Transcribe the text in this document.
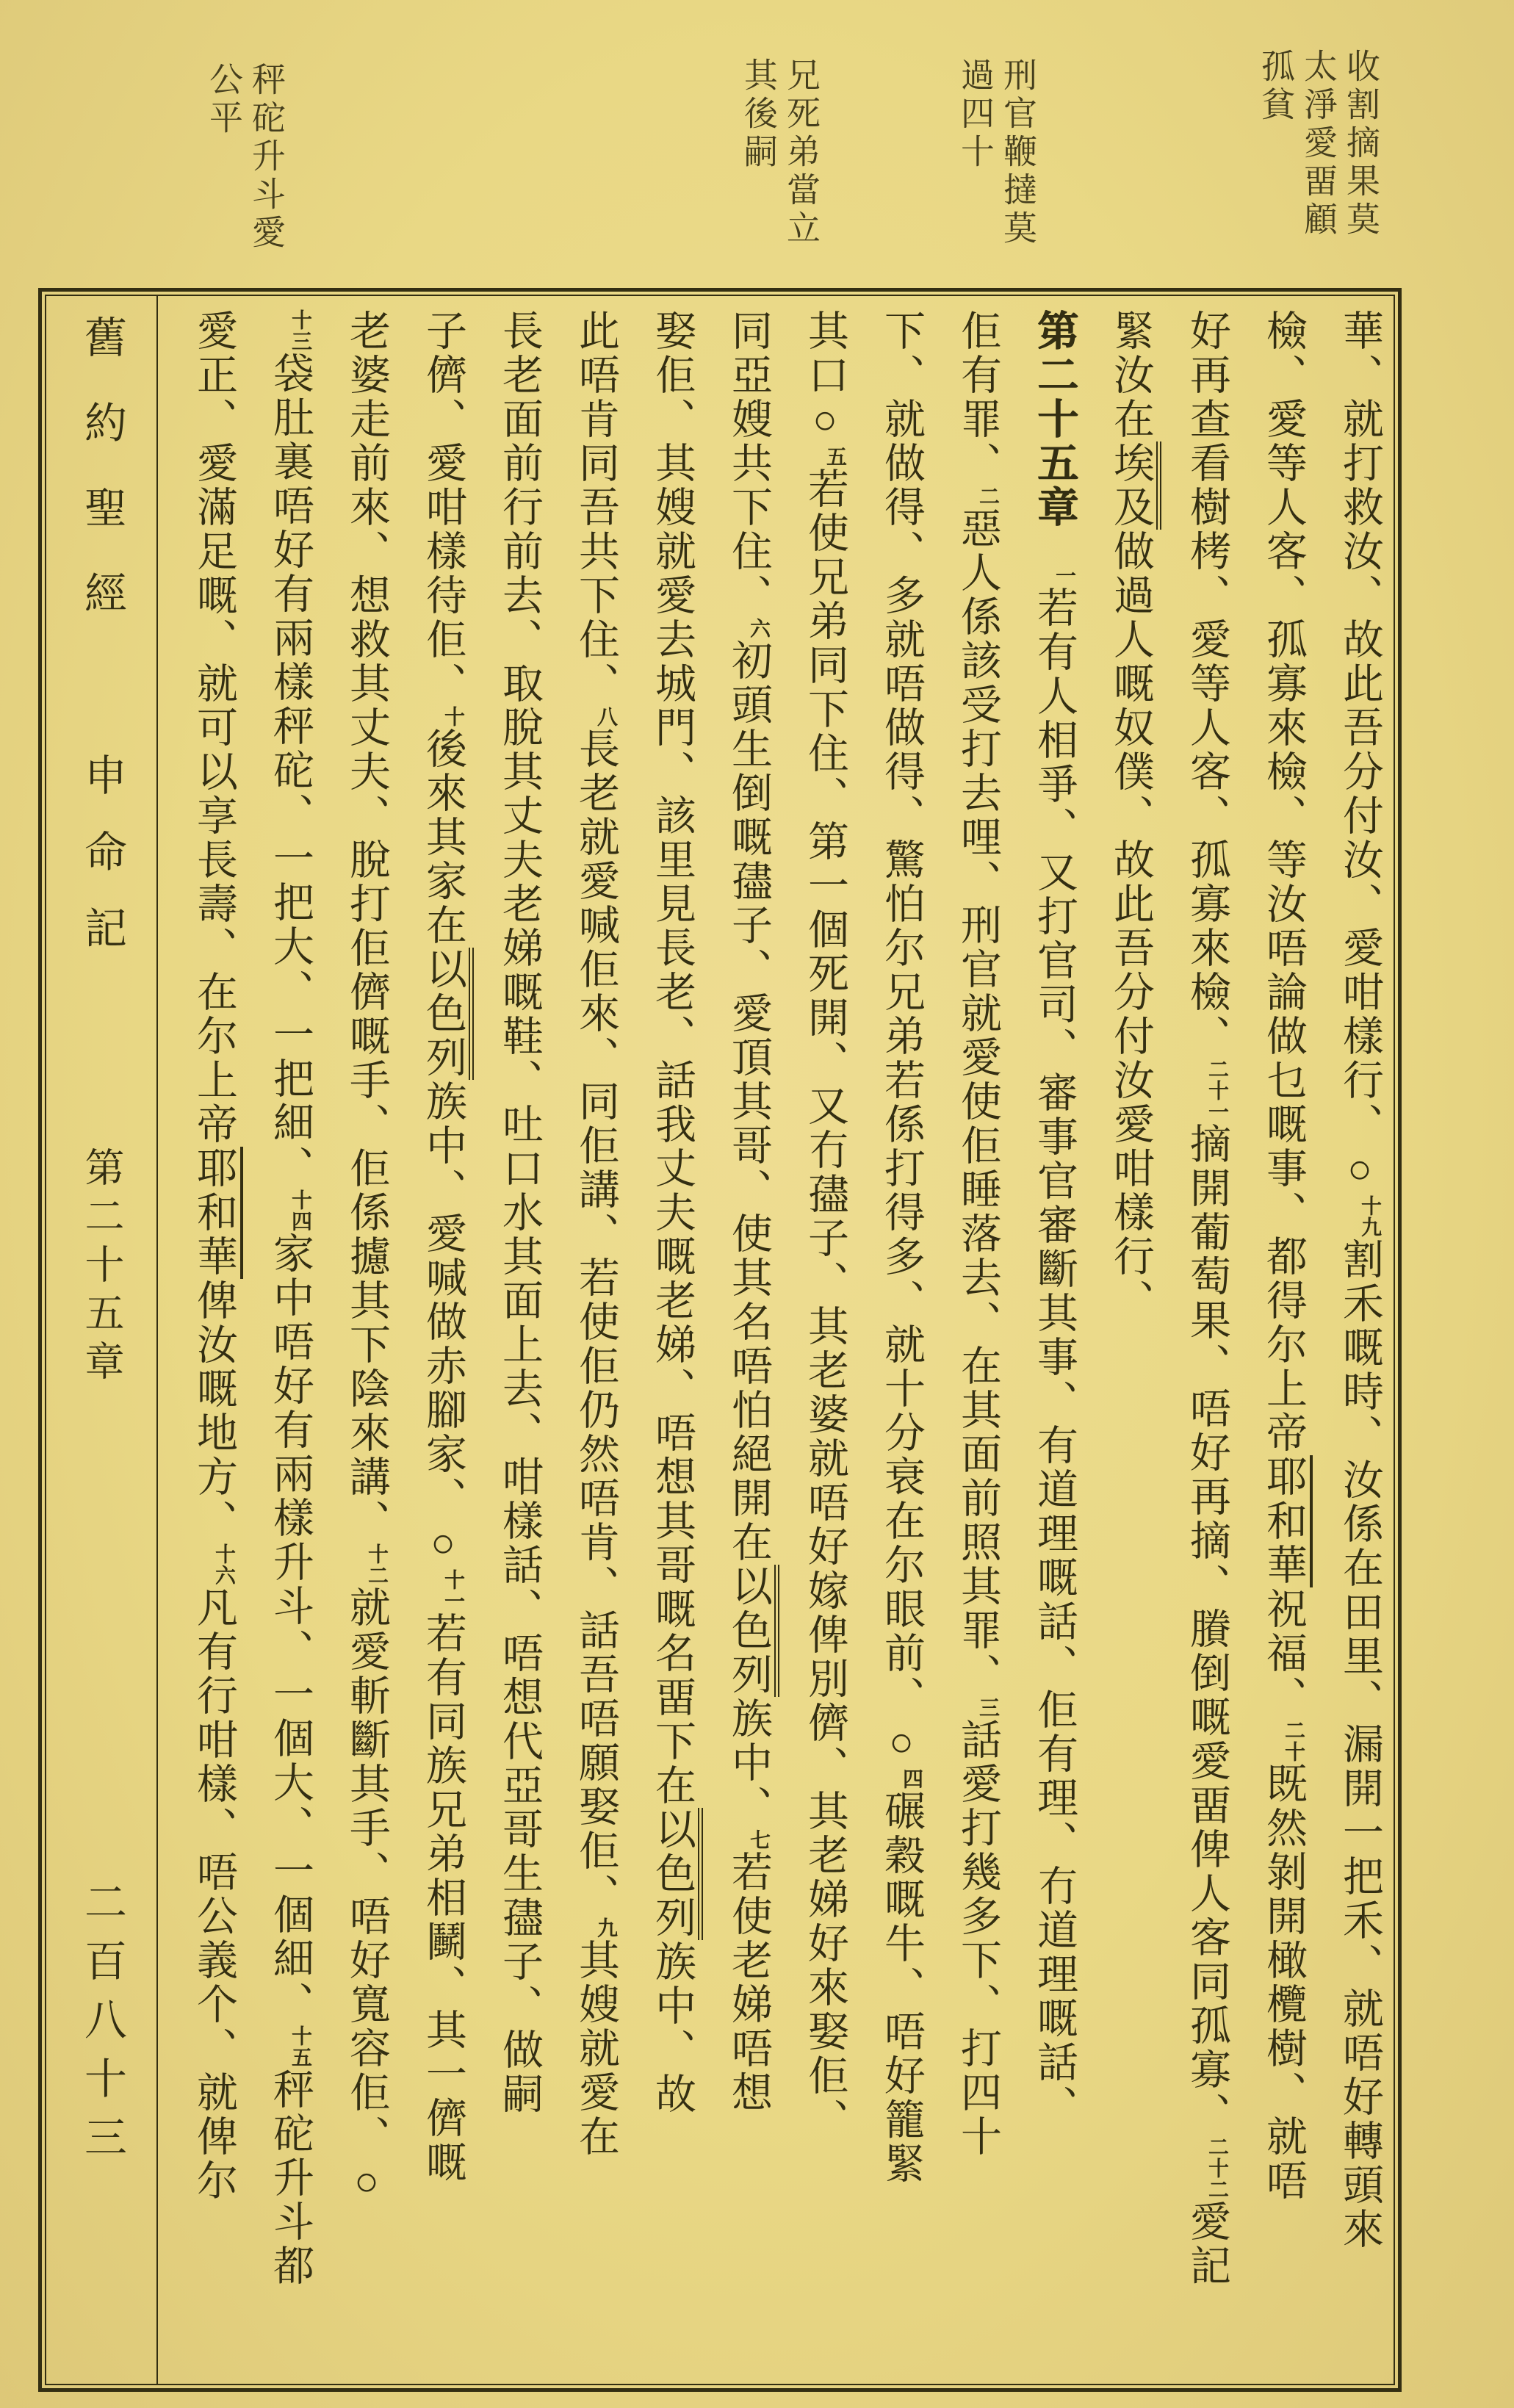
收割摘果莫
太淨愛畱顧
孤貧
刑官鞭撻莫
過四十
兄死弟當立
其後嗣
秤砣升斗愛
公平
舊約聖經
申命記
第二十五章
二百八十三
華、就打救汝、故此吾分付汝、愛咁樣行、○十九割禾嘅時、汝係在田里、漏開一把禾、就唔好轉頭來
檢、愛等人客、孤寡來檢、等汝唔論做乜嘅事、都得尔上帝耶和華祝福、二十既然剝開橄欖樹、就唔
好再查看樹栲、愛等人客、孤寡來檢、二十一摘開葡萄果、唔好再摘、賸倒嘅愛畱俾人客同孤寡、二十二愛記
緊汝在埃及做過人嘅奴僕、故此吾分付汝愛咁樣行、
第二十五章一若有人相爭、又打官司、審事官審斷其事、有道理嘅話、佢有理、冇道理嘅話、
佢有罪、二惡人係該受打去哩、刑官就愛使佢睡落去、在其面前照其罪、三話愛打幾多下、打四十
下、就做得、多就唔做得、驚怕尔兄弟若係打得多、就十分衰在尔眼前、○四碾穀嘅牛、唔好籠緊
其口○五若使兄弟同下住、第一個死開、又冇孻子、其老婆就唔好嫁俾別儕、其老娣好來娶佢、
同亞嫂共下住、六初頭生倒嘅孻子、愛頂其哥、使其名唔怕絕開在以色列族中、七若使老娣唔想
娶佢、其嫂就愛去城門、該里見長老、話我丈夫嘅老娣、唔想其哥嘅名畱下在以色列族中、故
此唔肯同吾共下住、八長老就愛喊佢來、同佢講、若使佢仍然唔肯、話吾唔願娶佢、九其嫂就愛在
長老面前行前去、取脫其丈夫老娣嘅鞋、吐口水其面上去、咁樣話、唔想代亞哥生孻子、做嗣
子儕、愛咁樣待佢、十後來其家在以色列族中、愛喊做赤腳家、○十一若有同族兄弟相鬭、其一儕嘅
老婆走前來、想救其丈夫、脫打佢儕嘅手、佢係攄其下陰來講、十二就愛斬斷其手、唔好寬容佢、○
十三袋肚裏唔好有兩樣秤砣、一把大、一把細、十四家中唔好有兩樣升斗、一個大、一個細、十五秤砣升斗都
愛正、愛滿足嘅、就可以享長壽、在尔上帝耶和華俾汝嘅地方、十六凡有行咁樣、唔公義个、就俾尔
